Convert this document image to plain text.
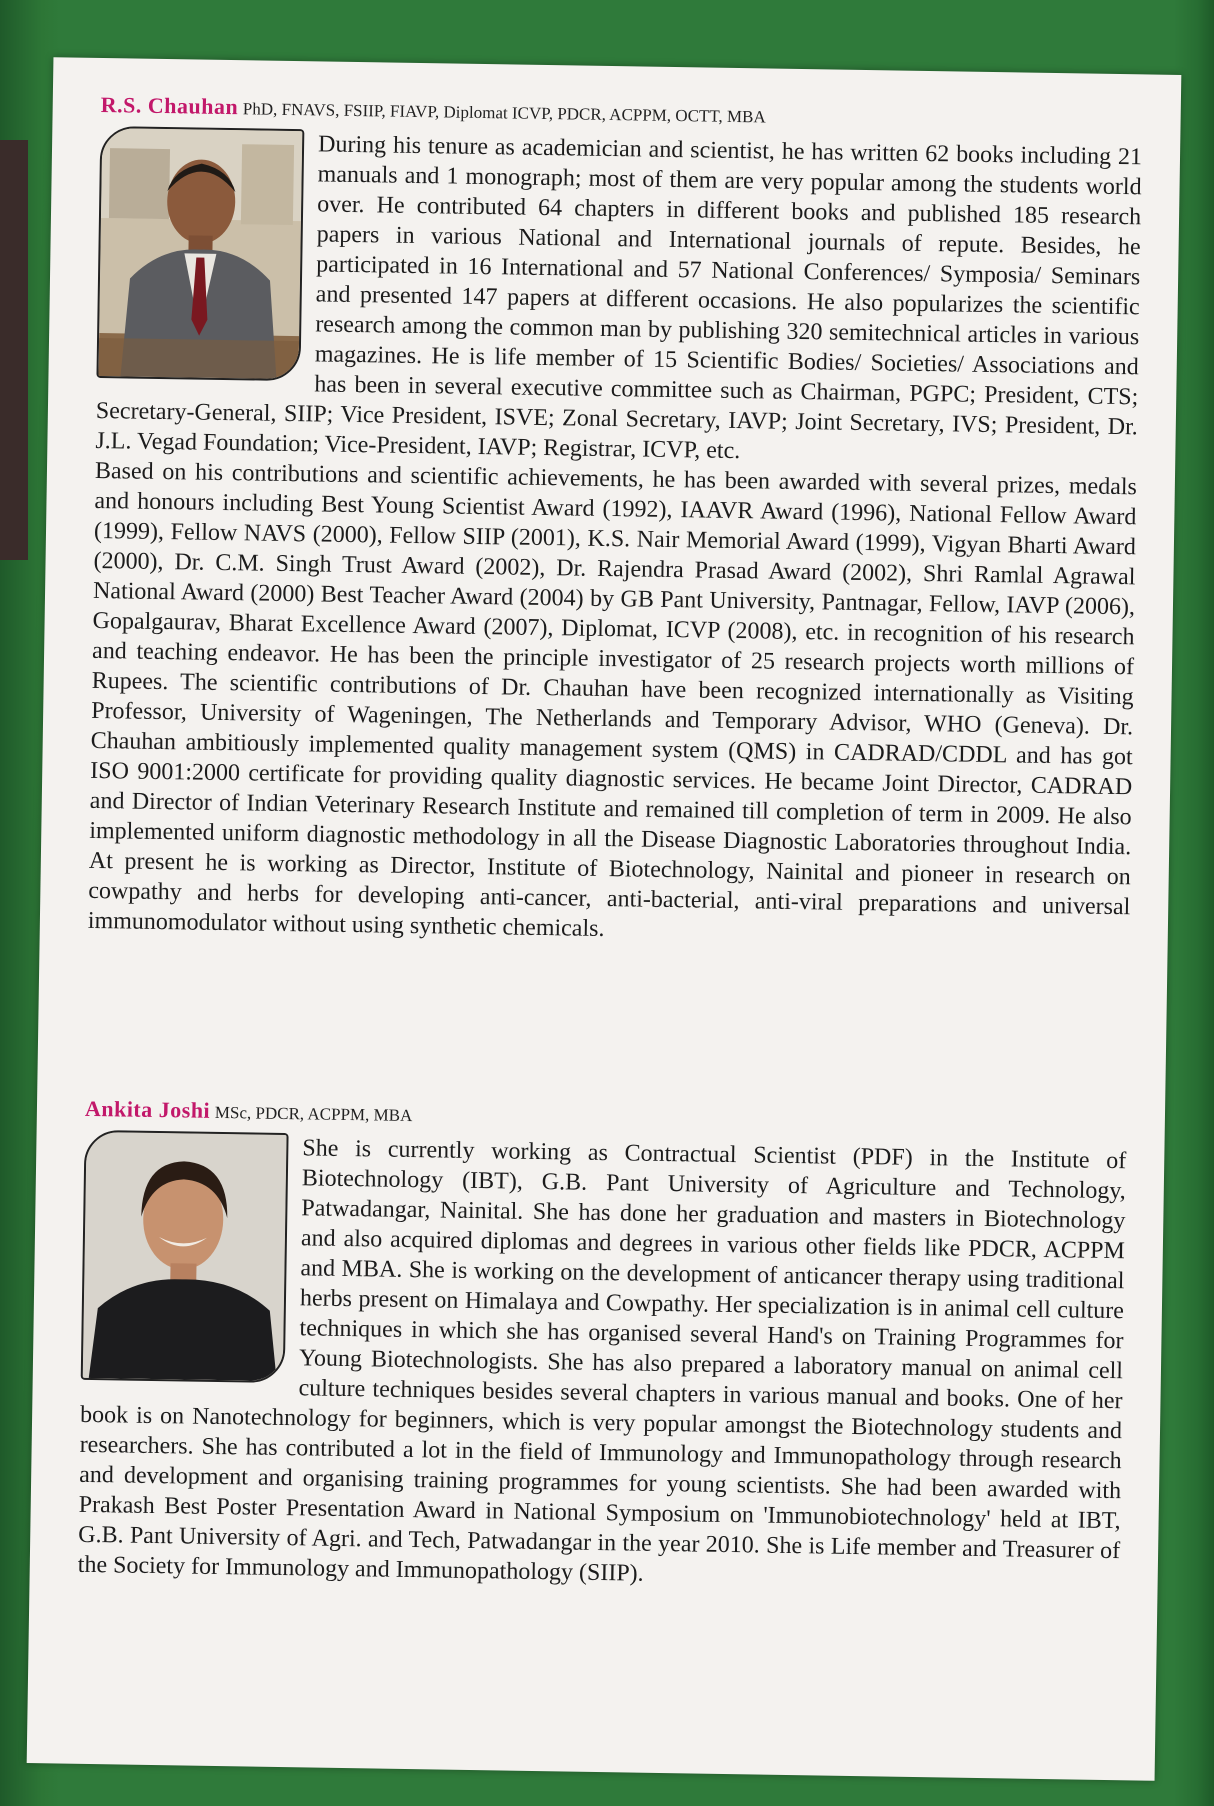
R.S. Chauhan PhD, FNAVS, FSIIP, FIAVP, Diplomat ICVP, PDCR, ACPPM, OCTT, MBA

During his tenure as academician and scientist, he has written 62 books including 21 manuals and 1 monograph; most of them are very popular among the students world over. He contributed 64 chapters in different books and published 185 research papers in various National and International journals of repute. Besides, he participated in 16 International and 57 National Conferences/ Symposia/ Seminars and presented 147 papers at different occasions. He also popularizes the scientific research among the common man by publishing 320 semitechnical articles in various magazines. He is life member of 15 Scientific Bodies/ Societies/ Associations and has been in several executive committee such as Chairman, PGPC; President, CTS; Secretary-General, SIIP; Vice President, ISVE; Zonal Secretary, IAVP; Joint Secretary, IVS; President, Dr. J.L. Vegad Foundation; Vice-President, IAVP; Registrar, ICVP, etc.

Based on his contributions and scientific achievements, he has been awarded with several prizes, medals and honours including Best Young Scientist Award (1992), IAAVR Award (1996), National Fellow Award (1999), Fellow NAVS (2000), Fellow SIIP (2001), K.S. Nair Memorial Award (1999), Vigyan Bharti Award (2000), Dr. C.M. Singh Trust Award (2002), Dr. Rajendra Prasad Award (2002), Shri Ramlal Agrawal National Award (2000) Best Teacher Award (2004) by GB Pant University, Pantnagar, Fellow, IAVP (2006), Gopalgaurav, Bharat Excellence Award (2007), Diplomat, ICVP (2008), etc. in recognition of his research and teaching endeavor. He has been the principle investigator of 25 research projects worth millions of Rupees. The scientific contributions of Dr. Chauhan have been recognized internationally as Visiting Professor, University of Wageningen, The Netherlands and Temporary Advisor, WHO (Geneva). Dr. Chauhan ambitiously implemented quality management system (QMS) in CADRAD/CDDL and has got ISO 9001:2000 certificate for providing quality diagnostic services. He became Joint Director, CADRAD and Director of Indian Veterinary Research Institute and remained till completion of term in 2009. He also implemented uniform diagnostic methodology in all the Disease Diagnostic Laboratories throughout India. At present he is working as Director, Institute of Biotechnology, Nainital and pioneer in research on cowpathy and herbs for developing anti-cancer, anti-bacterial, anti-viral preparations and universal immunomodulator without using synthetic chemicals.

Ankita Joshi MSc, PDCR, ACPPM, MBA

She is currently working as Contractual Scientist (PDF) in the Institute of Biotechnology (IBT), G.B. Pant University of Agriculture and Technology, Patwadangar, Nainital. She has done her graduation and masters in Biotechnology and also acquired diplomas and degrees in various other fields like PDCR, ACPPM and MBA. She is working on the development of anticancer therapy using traditional herbs present on Himalaya and Cowpathy. Her specialization is in animal cell culture techniques in which she has organised several Hand's on Training Programmes for Young Biotechnologists. She has also prepared a laboratory manual on animal cell culture techniques besides several chapters in various manual and books. One of her book is on Nanotechnology for beginners, which is very popular amongst the Biotechnology students and researchers. She has contributed a lot in the field of Immunology and Immunopathology through research and development and organising training programmes for young scientists. She had been awarded with Prakash Best Poster Presentation Award in National Symposium on 'Immunobiotechnology' held at IBT, G.B. Pant University of Agri. and Tech, Patwadangar in the year 2010. She is Life member and Treasurer of the Society for Immunology and Immunopathology (SIIP).
